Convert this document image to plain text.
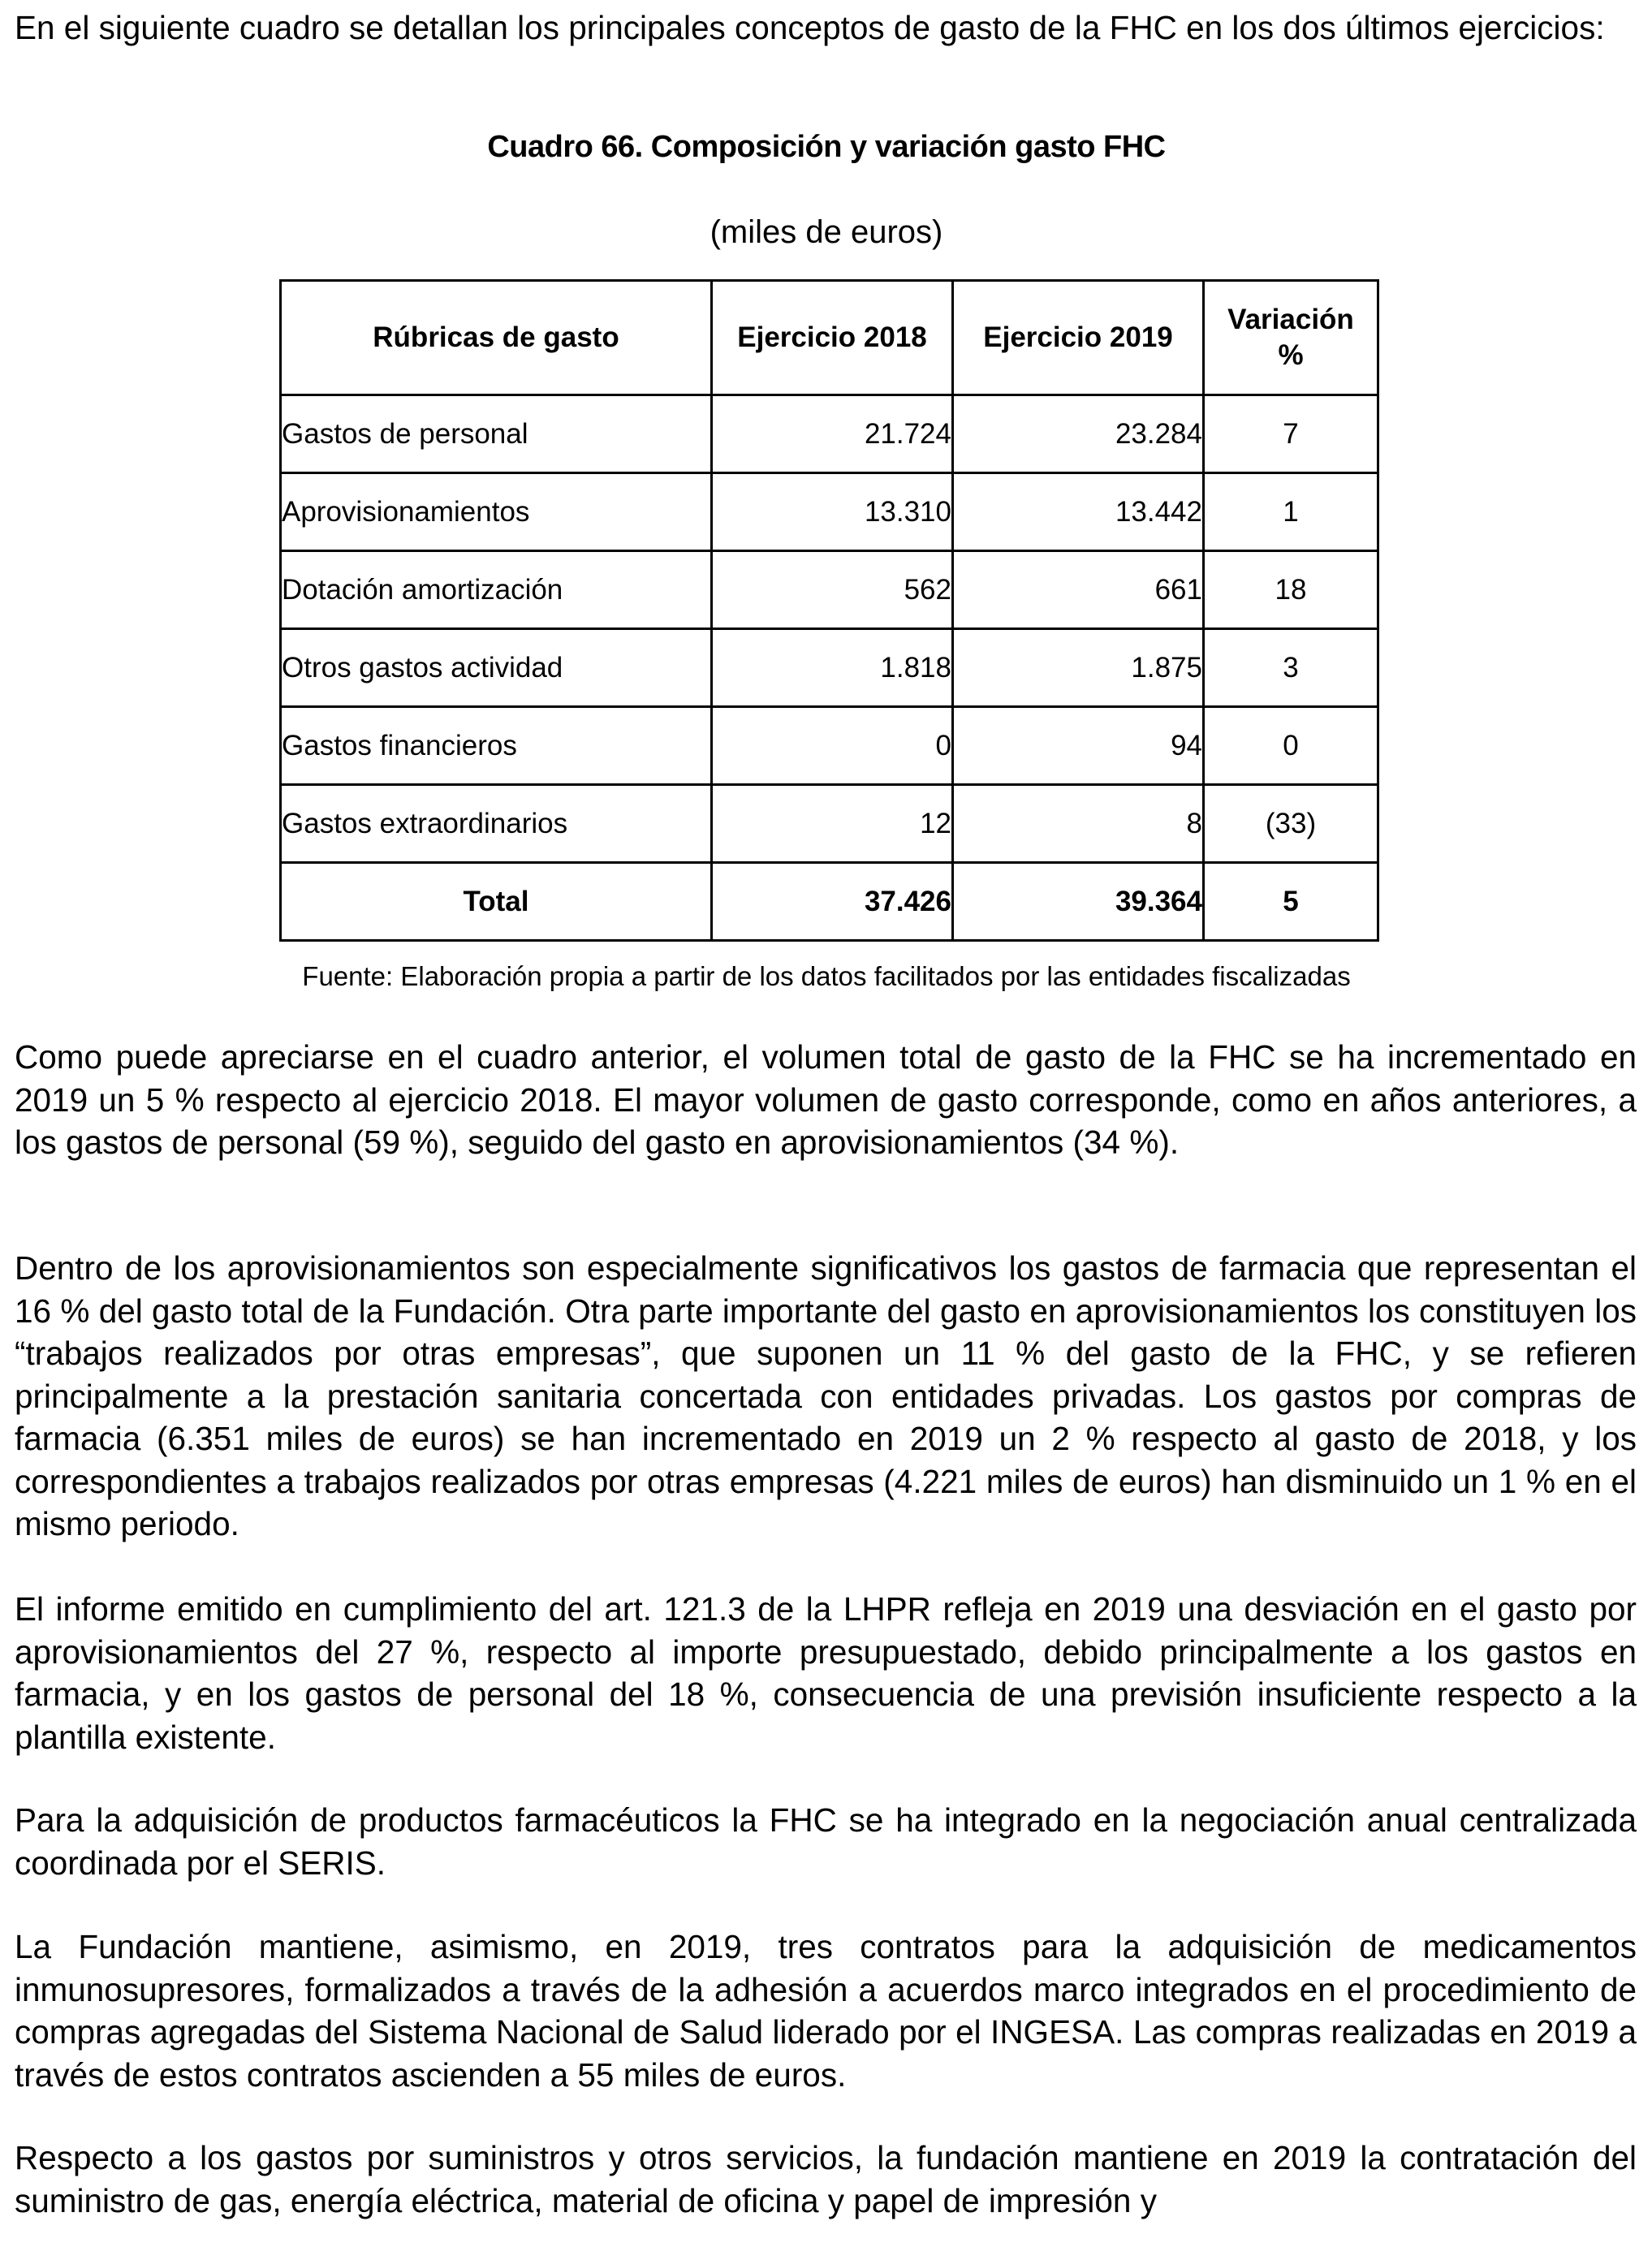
En el siguiente cuadro se detallan los principales conceptos de gasto de la FHC en los dos últimos ejercicios:

Cuadro 66. Composición y variación gasto FHC
(miles de euros)
Rúbricas de gasto	Ejercicio 2018	Ejercicio 2019	Variación
%
Gastos de personal	21.724	23.284	7
Aprovisionamientos	13.310	13.442	1
Dotación amortización	562	661	18
Otros gastos actividad	1.818	1.875	3
Gastos financieros	0	94	0
Gastos extraordinarios	12	8	(33)
Total	37.426	39.364	5
Fuente: Elaboración propia a partir de los datos facilitados por las entidades fiscalizadas

Como puede apreciarse en el cuadro anterior, el volumen total de gasto de la FHC se ha incrementado en 2019 un 5 % respecto al ejercicio 2018. El mayor volumen de gasto corresponde, como en años anteriores, a los gastos de personal (59 %), seguido del gasto en aprovisionamientos (34 %).

Dentro de los aprovisionamientos son especialmente significativos los gastos de farmacia que representan el 16 % del gasto total de la Fundación. Otra parte importante del gasto en aprovisionamientos los constituyen los “trabajos realizados por otras empresas”, que suponen un 11 % del gasto de la FHC, y se refieren principalmente a la prestación sanitaria concertada con entidades privadas. Los gastos por compras de farmacia (6.351 miles de euros) se han incrementado en 2019 un 2 % respecto al gasto de 2018, y los correspondientes a trabajos realizados por otras empresas (4.221 miles de euros) han disminuido un 1 % en el mismo periodo.

El informe emitido en cumplimiento del art. 121.3 de la LHPR refleja en 2019 una desviación en el gasto por aprovisionamientos del 27 %, respecto al importe presupuestado, debido principalmente a los gastos en farmacia, y en los gastos de personal del 18 %, consecuencia de una previsión insuficiente respecto a la plantilla existente.

Para la adquisición de productos farmacéuticos la FHC se ha integrado en la negociación anual centralizada coordinada por el SERIS.

La Fundación mantiene, asimismo, en 2019, tres contratos para la adquisición de medicamentos inmunosupresores, formalizados a través de la adhesión a acuerdos marco integrados en el procedimiento de compras agregadas del Sistema Nacional de Salud liderado por el INGESA. Las compras realizadas en 2019 a través de estos contratos ascienden a 55 miles de euros.

Respecto a los gastos por suministros y otros servicios, la fundación mantiene en 2019 la contratación del suministro de gas, energía eléctrica, material de oficina y papel de impresión y
